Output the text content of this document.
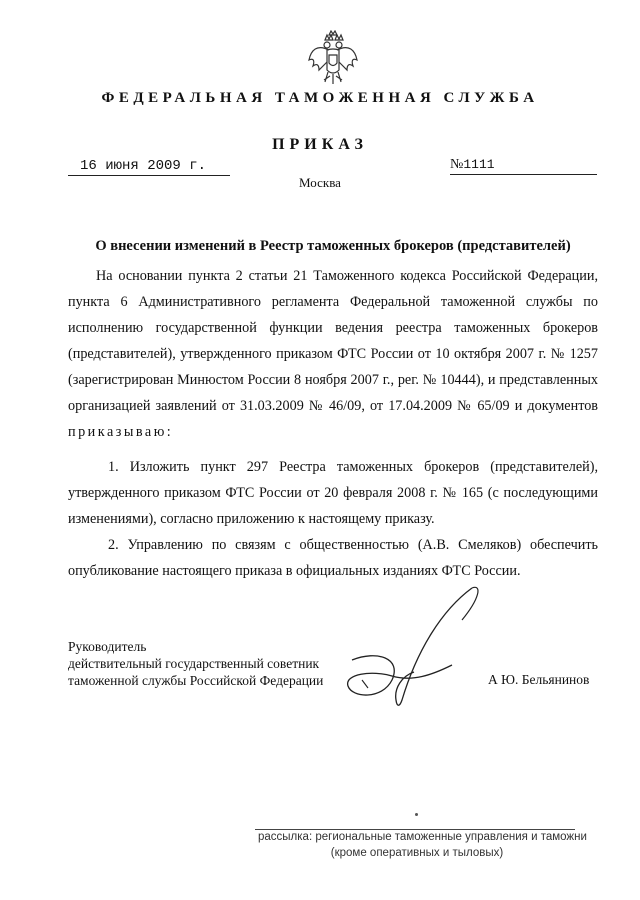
ФЕДЕРАЛЬНАЯ ТАМОЖЕННАЯ СЛУЖБА
ПРИКАЗ
16 июня 2009 г.	№1111
Москва
О внесении изменений в Реестр таможенных брокеров (представителей)

На основании пункта 2 статьи 21 Таможенного кодекса Российской Федерации, пункта 6 Административного регламента Федеральной таможенной службы по исполнению государственной функции ведения реестра таможенных брокеров (представителей), утвержденного приказом ФТС России от 10 октября 2007 г. № 1257 (зарегистрирован Минюстом России 8 ноября 2007 г., рег. № 10444), и представленных организацией заявлений от 31.03.2009 № 46/09, от 17.04.2009 № 65/09 и документов приказываю:

1. Изложить пункт 297 Реестра таможенных брокеров (представителей), утвержденного приказом ФТС России от 20 февраля 2008 г. № 165 (с последующими изменениями), согласно приложению к настоящему приказу.

2. Управлению по связям с общественностью (А.В. Смеляков) обеспечить опубликование настоящего приказа в официальных изданиях ФТС России.

Руководитель
действительный государственный советник
таможенной службы Российской Федерации	А Ю. Бельянинов
рассылка: региональные таможенные управления и таможни
(кроме оперативных и тыловых)
